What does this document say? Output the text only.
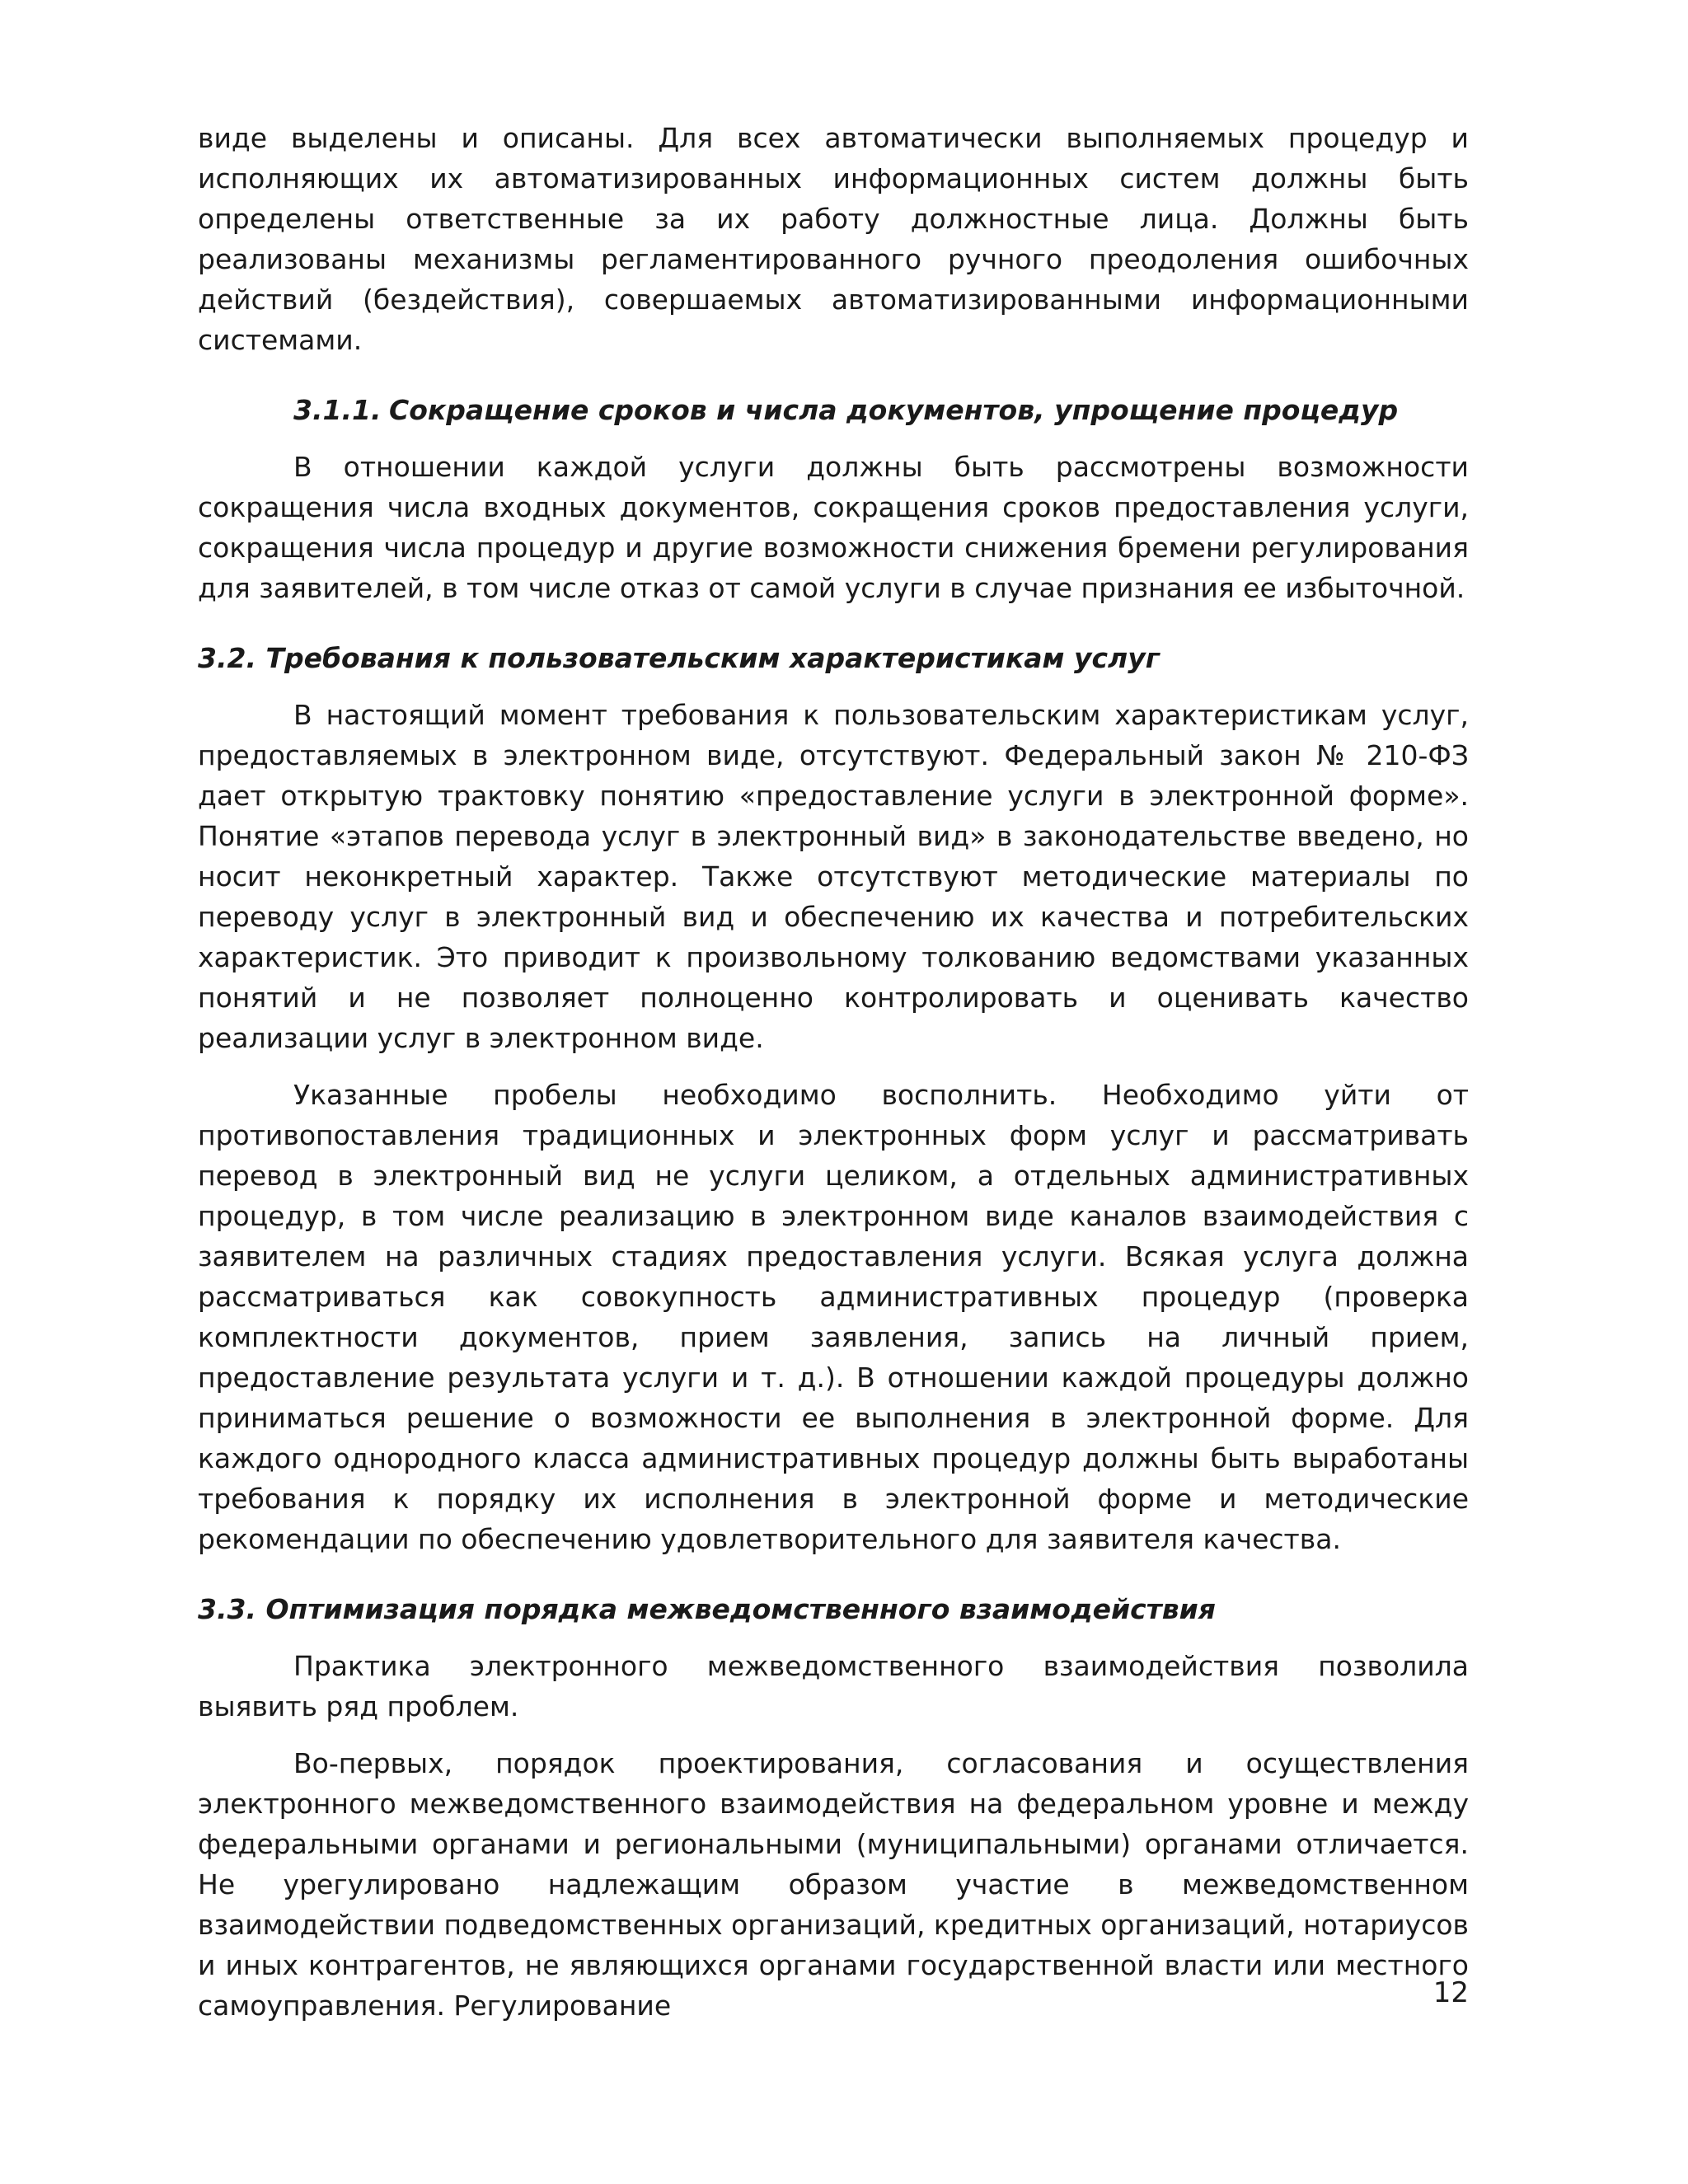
виде выделены и описаны. Для всех автоматически выполняемых процедур и исполняющих их автоматизированных информационных систем должны быть определены ответственные за их работу должностные лица. Должны быть реализованы механизмы регламентированного ручного преодоления ошибочных действий (бездействия), совершаемых автоматизированными информационными системами.

3.1.1. Сокращение сроков и числа документов, упрощение процедур

В отношении каждой услуги должны быть рассмотрены возможности сокращения числа входных документов, сокращения сроков предоставления услуги, сокращения числа процедур и другие возможности снижения бремени регулирования для заявителей, в том числе отказ от самой услуги в случае признания ее избыточной.

3.2. Требования к пользовательским характеристикам услуг

В настоящий момент требования к пользовательским характеристикам услуг, предоставляемых в электронном виде, отсутствуют. Федеральный закон № 210-ФЗ дает открытую трактовку понятию «предоставление услуги в электронной форме». Понятие «этапов перевода услуг в электронный вид» в законодательстве введено, но носит неконкретный характер. Также отсутствуют методические материалы по переводу услуг в электронный вид и обеспечению их качества и потребительских характеристик. Это приводит к произвольному толкованию ведомствами указанных понятий и не позволяет полноценно контролировать и оценивать качество реализации услуг в электронном виде.

Указанные пробелы необходимо восполнить. Необходимо уйти от противопоставления традиционных и электронных форм услуг и рассматривать перевод в электронный вид не услуги целиком, а отдельных административных процедур, в том числе реализацию в электронном виде каналов взаимодействия с заявителем на различных стадиях предоставления услуги. Всякая услуга должна рассматриваться как совокупность административных процедур (проверка комплектности документов, прием заявления, запись на личный прием, предоставление результата услуги и т. д.). В отношении каждой процедуры должно приниматься решение о возможности ее выполнения в электронной форме. Для каждого однородного класса административных процедур должны быть выработаны требования к порядку их исполнения в электронной форме и методические рекомендации по обеспечению удовлетворительного для заявителя качества.

3.3. Оптимизация порядка межведомственного взаимодействия

Практика электронного межведомственного взаимодействия позволила выявить ряд проблем.

Во-первых, порядок проектирования, согласования и осуществления электронного межведомственного взаимодействия на федеральном уровне и между федеральными органами и региональными (муниципальными) органами отличается. Не урегулировано надлежащим образом участие в межведомственном взаимодействии подведомственных организаций, кредитных организаций, нотариусов и иных контрагентов, не являющихся органами государственной власти или местного самоуправления. Регулирование	12
